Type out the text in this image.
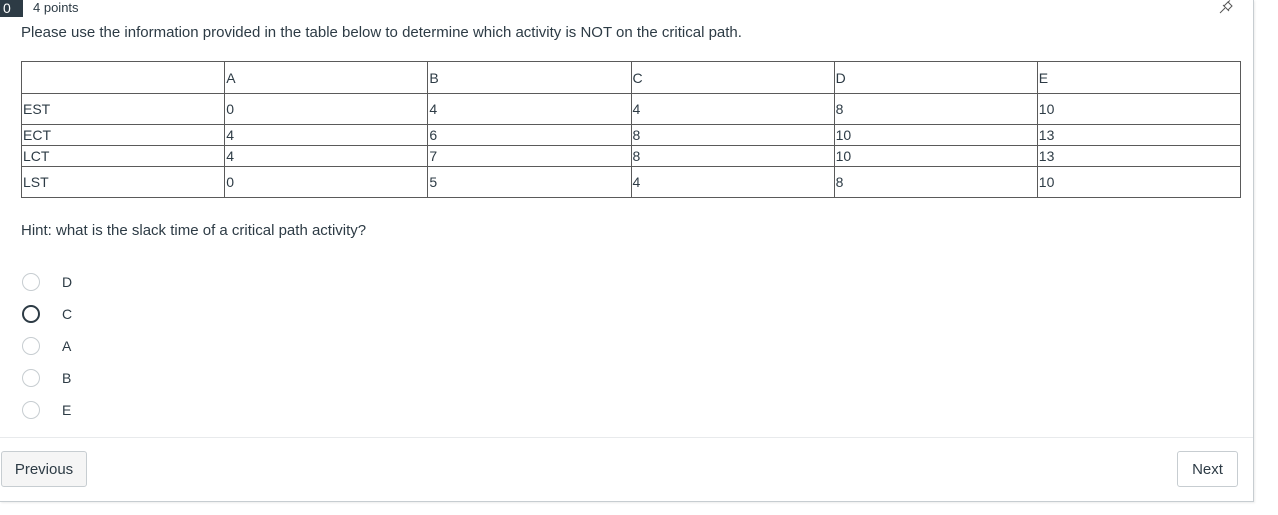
0	4 points
Please use the information provided in the table below to determine which activity is NOT on the critical path.
	A	B	C	D	E
EST	0	4	4	8	10
ECT	4	6	8	10	13
LCT	4	7	8	10	13
LST	0	5	4	8	10
Hint: what is the slack time of a critical path activity?
D
C
A
B
E
Previous	Next
